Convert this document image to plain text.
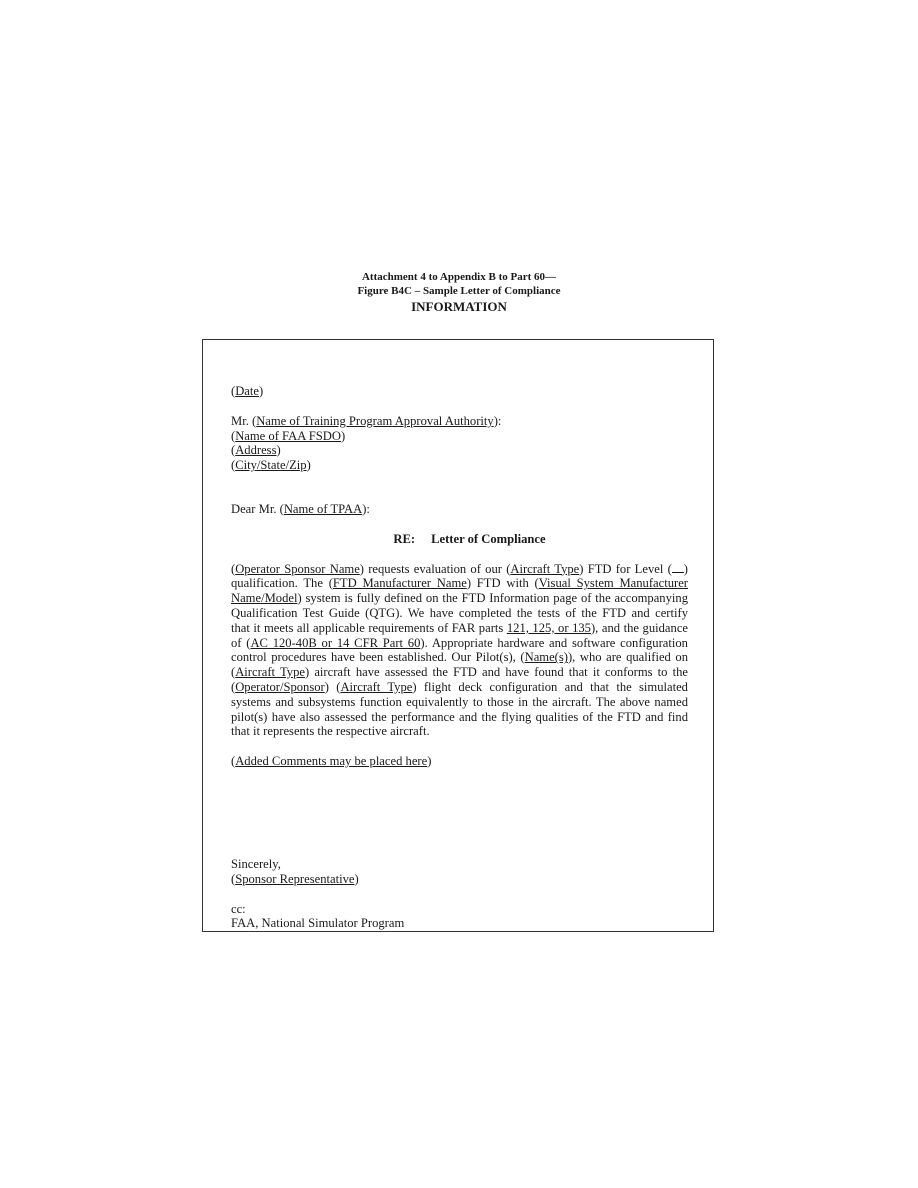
Attachment 4 to Appendix B to Part 60—
Figure B4C – Sample Letter of Compliance
INFORMATION
(Date)
Mr. (Name of Training Program Approval Authority):
(Name of FAA FSDO)
(Address)
(City/State/Zip)
Dear Mr. (Name of TPAA):
RE: Letter of Compliance
(Operator Sponsor Name) requests evaluation of our (Aircraft Type) FTD for Level ( )
qualification. The (FTD Manufacturer Name) FTD with (Visual System Manufacturer
Name/Model) system is fully defined on the FTD Information page of the accompanying
Qualification Test Guide (QTG). We have completed the tests of the FTD and certify
that it meets all applicable requirements of FAR parts 121, 125, or 135), and the guidance
of (AC 120-40B or 14 CFR Part 60). Appropriate hardware and software configuration
control procedures have been established. Our Pilot(s), (Name(s)), who are qualified on
(Aircraft Type) aircraft have assessed the FTD and have found that it conforms to the
(Operator/Sponsor) (Aircraft Type) flight deck configuration and that the simulated
systems and subsystems function equivalently to those in the aircraft. The above named
pilot(s) have also assessed the performance and the flying qualities of the FTD and find
that it represents the respective aircraft.
(Added Comments may be placed here)
Sincerely,
(Sponsor Representative)
cc:
FAA, National Simulator Program
